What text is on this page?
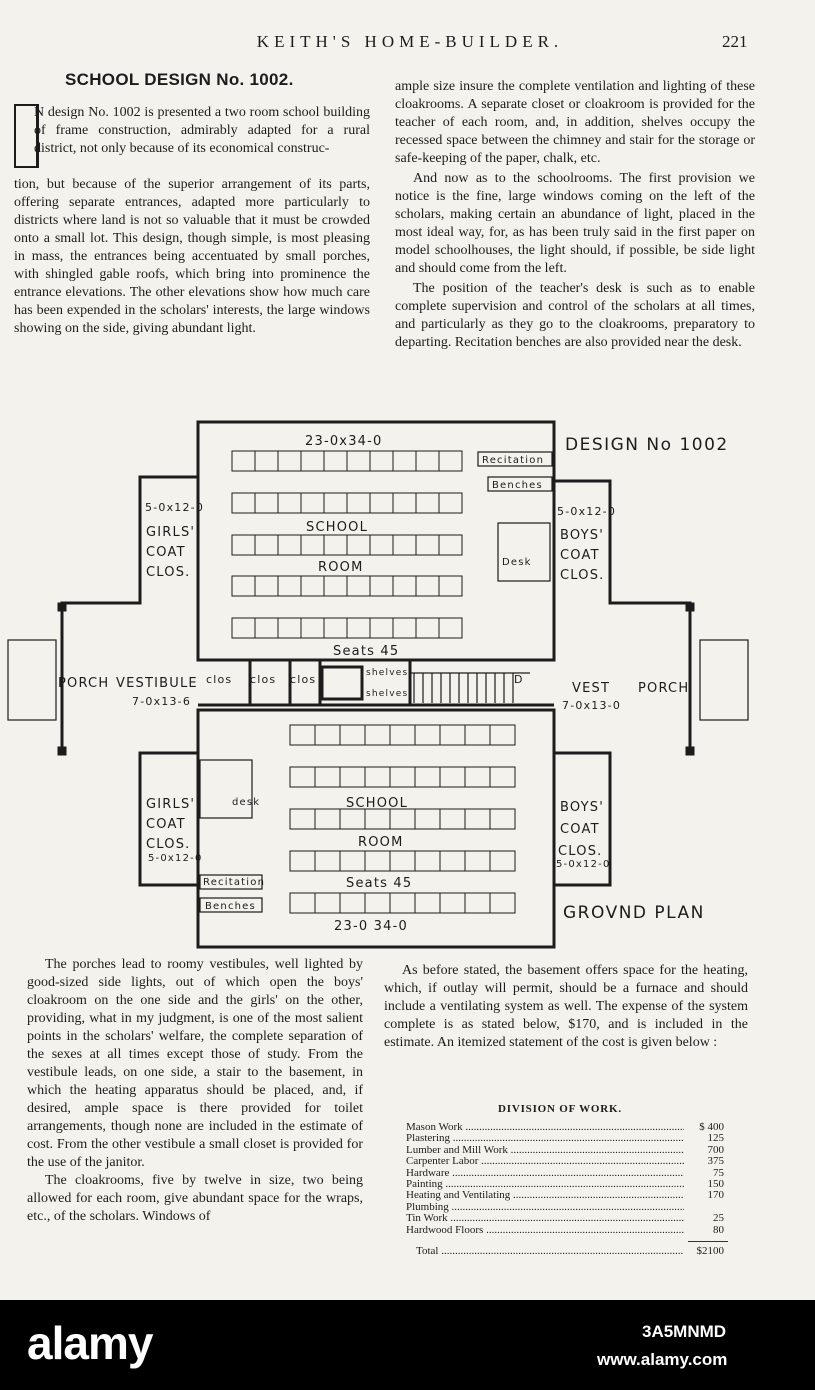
KEITH'S HOME-BUILDER.	221
SCHOOL DESIGN No. 1002.
N design No. 1002 is presented a two room school building of frame construction, admirably adapted for a rural district, not only because of its economical construc-
tion, but because of the superior arrangement of its parts, offering separate entrances, adapted more particularly to districts where land is not so valuable that it must be crowded onto a small lot. This design, though simple, is most pleasing in mass, the entrances being accentuated by small porches, with shingled gable roofs, which bring into prominence the entrance elevations. The other elevations show how much care has been expended in the scholars' interests, the large windows showing on the side, giving abundant light.

ample size insure the complete ventilation and lighting of these cloakrooms. A separate closet or cloakroom is provided for the teacher of each room, and, in addition, shelves occupy the recessed space between the chimney and stair for the storage or safe-keeping of the paper, chalk, etc.

And now as to the schoolrooms. The first provision we notice is the fine, large windows coming on the left of the scholars, making certain an abundance of light, placed in the most ideal way, for, as has been truly said in the first paper on model schoolhouses, the light should, if possible, be side light and should come from the left.

The position of the teacher's desk is such as to enable complete supervision and control of the scholars at all times, and particularly as they go to the cloakrooms, preparatory to departing. Recitation benches are also provided near the desk.

23-0x34-0	DESIGN No 1002
Recitation
Benches
SCHOOL
ROOM
Seats 45
Desk
5-0x12-0
GIRLS'
COAT
CLOS.
5-0x12-0
BOYS'
COAT
CLOS.
PORCH VESTIBULE
7-0x13-6
clos clos clos	shelves
shelves
D
VEST PORCH
7-0x13-0
desk	SCHOOL
ROOM
Seats 45
23-0 34-0
Recitation
Benches
GIRLS'
COAT
CLOS.
5-0x12-0
BOYS'
COAT
CLOS.
5-0x12-0
GROVND PLAN

The porches lead to roomy vestibules, well lighted by good-sized side lights, out of which open the boys' cloakroom on the one side and the girls' on the other, providing, what in my judgment, is one of the most salient points in the scholars' welfare, the complete separation of the sexes at all times except those of study. From the vestibule leads, on one side, a stair to the basement, in which the heating apparatus should be placed, and, if desired, ample space is there provided for toilet arrangements, though none are included in the estimate of cost. From the other vestibule a small closet is provided for the use of the janitor.

The cloakrooms, five by twelve in size, two being allowed for each room, give abundant space for the wraps, etc., of the scholars. Windows of

As before stated, the basement offers space for the heating, which, if outlay will permit, should be a furnace and should include a ventilating system as well. The expense of the system complete is as stated below, $170, and is included in the estimate. An itemized statement of the cost is given below :

DIVISION OF WORK.
Mason Work .....	$ 400
Plastering .....	125
Lumber and Mill Work .....	700
Carpenter Labor .....	375
Hardware .....	75
Painting .....	150
Heating and Ventilating .....	170
Plumbing .....
Tin Work .....	25
Hardwood Floors .....	80
Total .....	$2100
alamy	3A5MNMD
www.alamy.com
